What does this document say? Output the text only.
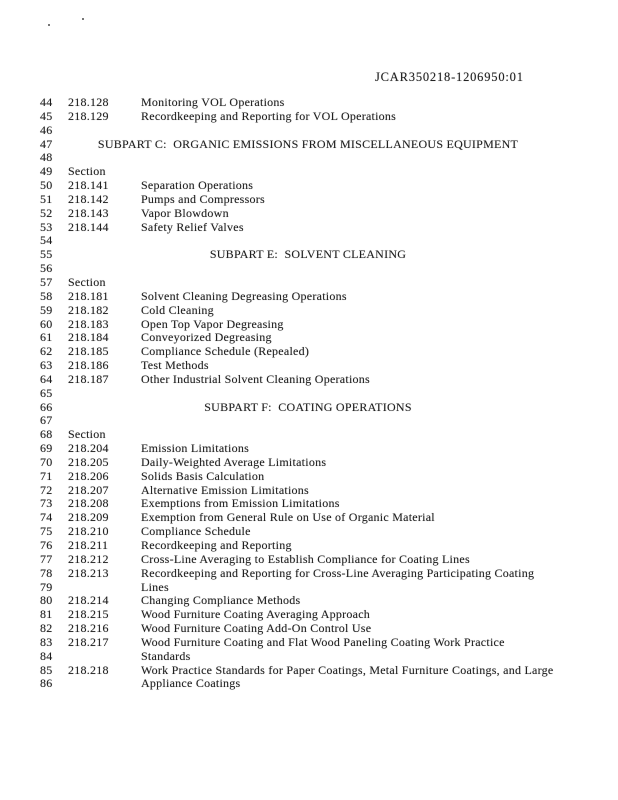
JCAR350218-1206950:01
44	218.128	Monitoring VOL Operations
45	218.129	Recordkeeping and Reporting for VOL Operations
46
47	SUBPART C:  ORGANIC EMISSIONS FROM MISCELLANEOUS EQUIPMENT
48
49	Section
50	218.141	Separation Operations
51	218.142	Pumps and Compressors
52	218.143	Vapor Blowdown
53	218.144	Safety Relief Valves
54
55	SUBPART E:  SOLVENT CLEANING
56
57	Section
58	218.181	Solvent Cleaning Degreasing Operations
59	218.182	Cold Cleaning
60	218.183	Open Top Vapor Degreasing
61	218.184	Conveyorized Degreasing
62	218.185	Compliance Schedule (Repealed)
63	218.186	Test Methods
64	218.187	Other Industrial Solvent Cleaning Operations
65
66	SUBPART F:  COATING OPERATIONS
67
68	Section
69	218.204	Emission Limitations
70	218.205	Daily-Weighted Average Limitations
71	218.206	Solids Basis Calculation
72	218.207	Alternative Emission Limitations
73	218.208	Exemptions from Emission Limitations
74	218.209	Exemption from General Rule on Use of Organic Material
75	218.210	Compliance Schedule
76	218.211	Recordkeeping and Reporting
77	218.212	Cross-Line Averaging to Establish Compliance for Coating Lines
78	218.213	Recordkeeping and Reporting for Cross-Line Averaging Participating Coating
79	Lines
80	218.214	Changing Compliance Methods
81	218.215	Wood Furniture Coating Averaging Approach
82	218.216	Wood Furniture Coating Add-On Control Use
83	218.217	Wood Furniture Coating and Flat Wood Paneling Coating Work Practice
84	Standards
85	218.218	Work Practice Standards for Paper Coatings, Metal Furniture Coatings, and Large
86	Appliance Coatings
